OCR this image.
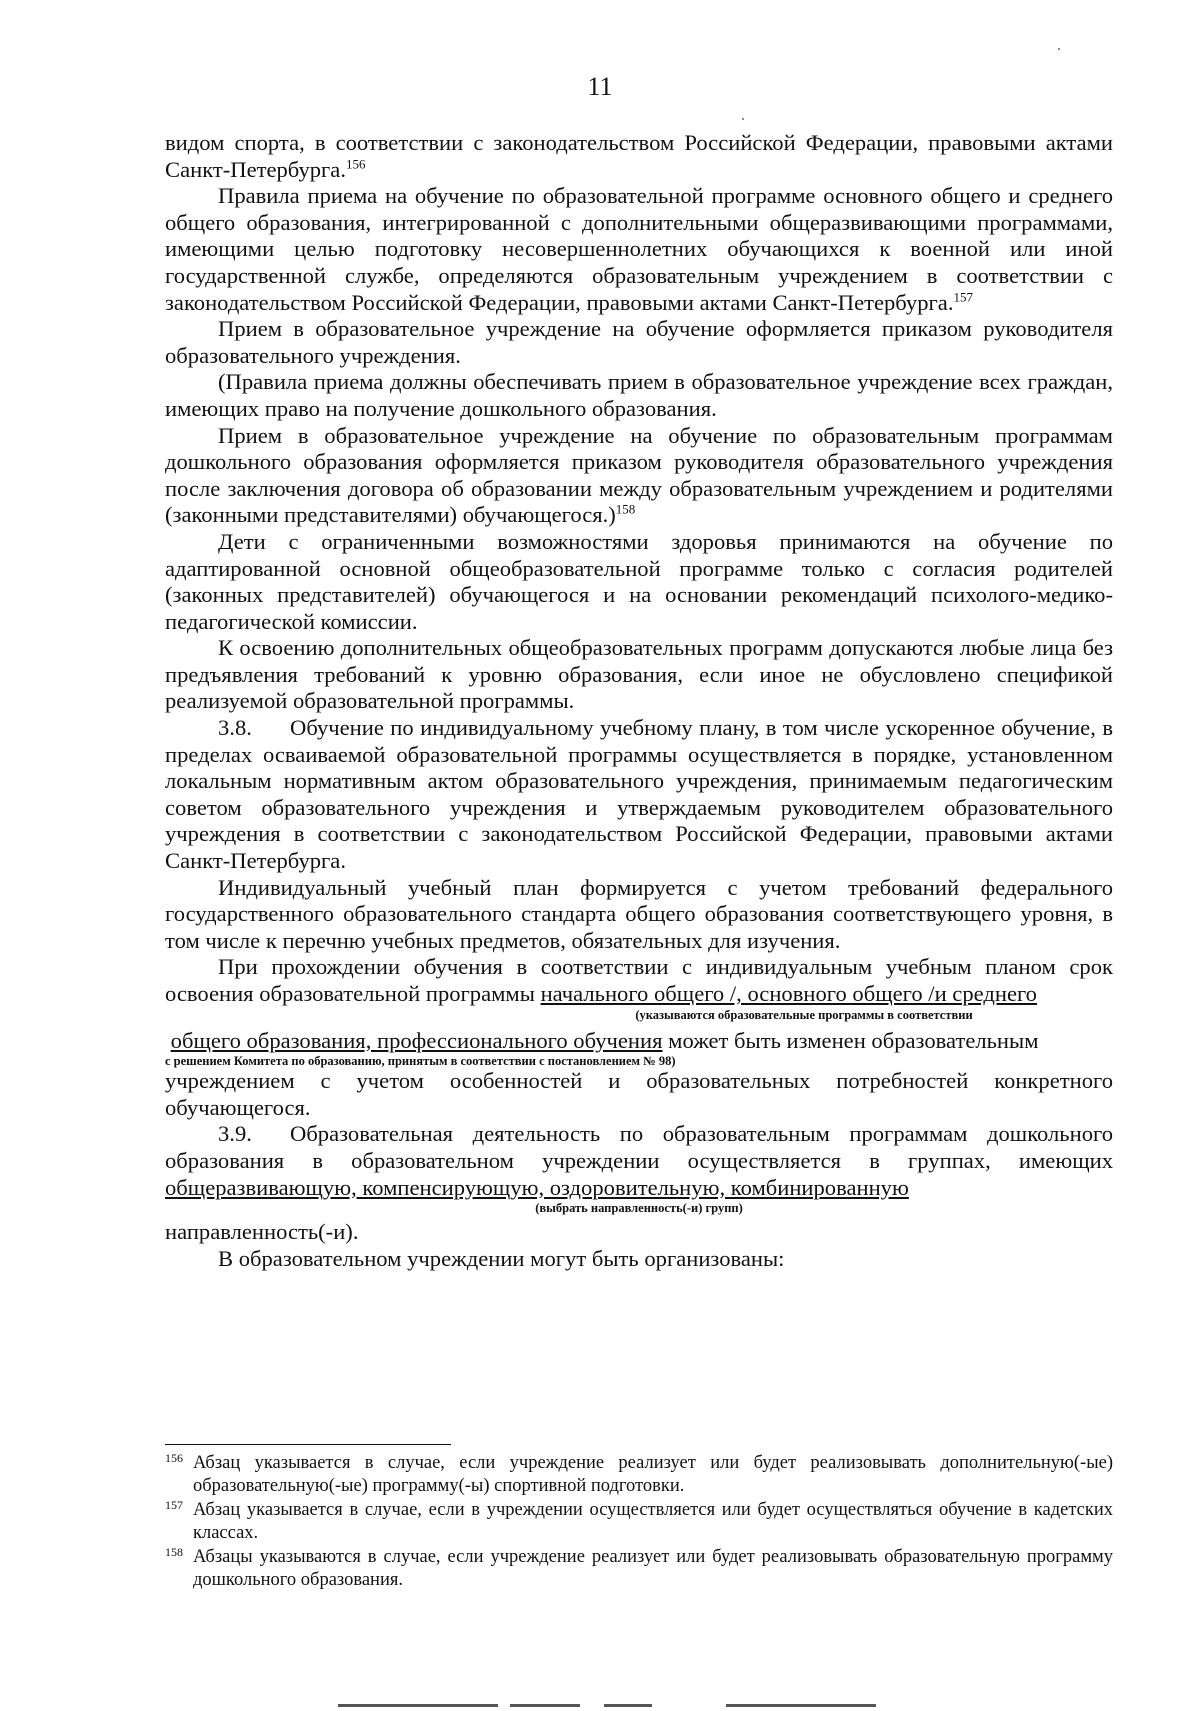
11

видом спорта, в соответствии с законодательством Российской Федерации, правовыми актами Санкт-Петербурга.$^{156}$

Правила приема на обучение по образовательной программе основного общего и среднего общего образования, интегрированной с дополнительными общеразвивающими программами, имеющими целью подготовку несовершеннолетних обучающихся к военной или иной государственной службе, определяются образовательным учреждением в соответствии с законодательством Российской Федерации, правовыми актами Санкт-Петербурга.$^{157}$

Прием в образовательное учреждение на обучение оформляется приказом руководителя образовательного учреждения.

(Правила приема должны обеспечивать прием в образовательное учреждение всех граждан, имеющих право на получение дошкольного образования.

Прием в образовательное учреждение на обучение по образовательным программам дошкольного образования оформляется приказом руководителя образовательного учреждения после заключения договора об образовании между образовательным учреждением и родителями (законными представителями) обучающегося.)$^{158}$

Дети с ограниченными возможностями здоровья принимаются на обучение по адаптированной основной общеобразовательной программе только с согласия родителей (законных представителей) обучающегося и на основании рекомендаций психолого-медико-педагогической комиссии.

К освоению дополнительных общеобразовательных программ допускаются любые лица без предъявления требований к уровню образования, если иное не обусловлено спецификой реализуемой образовательной программы.

3.8. Обучение по индивидуальному учебному плану, в том числе ускоренное обучение, в пределах осваиваемой образовательной программы осуществляется в порядке, установленном локальным нормативным актом образовательного учреждения, принимаемым педагогическим советом образовательного учреждения и утверждаемым руководителем образовательного учреждения в соответствии с законодательством Российской Федерации, правовыми актами Санкт-Петербурга.

Индивидуальный учебный план формируется с учетом требований федерального государственного образовательного стандарта общего образования соответствующего уровня, в том числе к перечню учебных предметов, обязательных для изучения.

При прохождении обучения в соответствии с индивидуальным учебным планом срок освоения образовательной программы начального общего /, основного общего /и среднего

(указываются образовательные программы в соответствии

общего образования, профессионального обучения может быть изменен образовательным

с решением Комитета по образованию, принятым в соответствии с постановлением № 98)

учреждением с учетом особенностей и образовательных потребностей конкретного обучающегося.

3.9. Образовательная деятельность по образовательным программам дошкольного образования в образовательном учреждении осуществляется в группах, имеющих общеразвивающую, компенсирующую, оздоровительную, комбинированную

(выбрать направленность(-и) групп)

направленность(-и).

В образовательном учреждении могут быть организованы:

156 Абзац указывается в случае, если учреждение реализует или будет реализовывать дополнительную(-ые) образовательную(-ые) программу(-ы) спортивной подготовки.
157 Абзац указывается в случае, если в учреждении осуществляется или будет осуществляться обучение в кадетских классах.
158 Абзацы указываются в случае, если учреждение реализует или будет реализовывать образовательную программу дошкольного образования.
